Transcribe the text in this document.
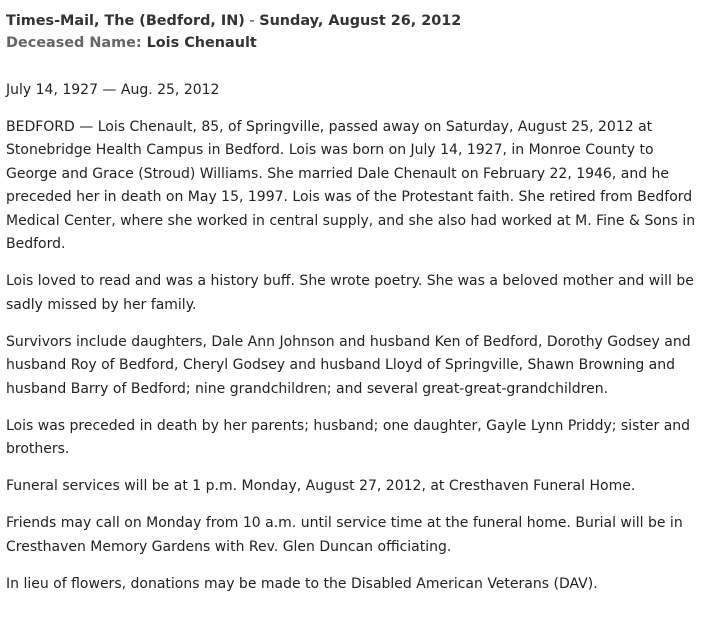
Times-Mail, The (Bedford, IN) - Sunday, August 26, 2012
Deceased Name: Lois Chenault
July 14, 1927 — Aug. 25, 2012

BEDFORD — Lois Chenault, 85, of Springville, passed away on Saturday, August 25, 2012 at Stonebridge Health Campus in Bedford. Lois was born on July 14, 1927, in Monroe County to George and Grace (Stroud) Williams. She married Dale Chenault on February 22, 1946, and he preceded her in death on May 15, 1997. Lois was of the Protestant faith. She retired from Bedford Medical Center, where she worked in central supply, and she also had worked at M. Fine & Sons in Bedford.

Lois loved to read and was a history buff. She wrote poetry. She was a beloved mother and will be sadly missed by her family.

Survivors include daughters, Dale Ann Johnson and husband Ken of Bedford, Dorothy Godsey and husband Roy of Bedford, Cheryl Godsey and husband Lloyd of Springville, Shawn Browning and husband Barry of Bedford; nine grandchildren; and several great-great-grandchildren.

Lois was preceded in death by her parents; husband; one daughter, Gayle Lynn Priddy; sister and brothers.

Funeral services will be at 1 p.m. Monday, August 27, 2012, at Cresthaven Funeral Home.

Friends may call on Monday from 10 a.m. until service time at the funeral home. Burial will be in Cresthaven Memory Gardens with Rev. Glen Duncan officiating.

In lieu of flowers, donations may be made to the Disabled American Veterans (DAV).
